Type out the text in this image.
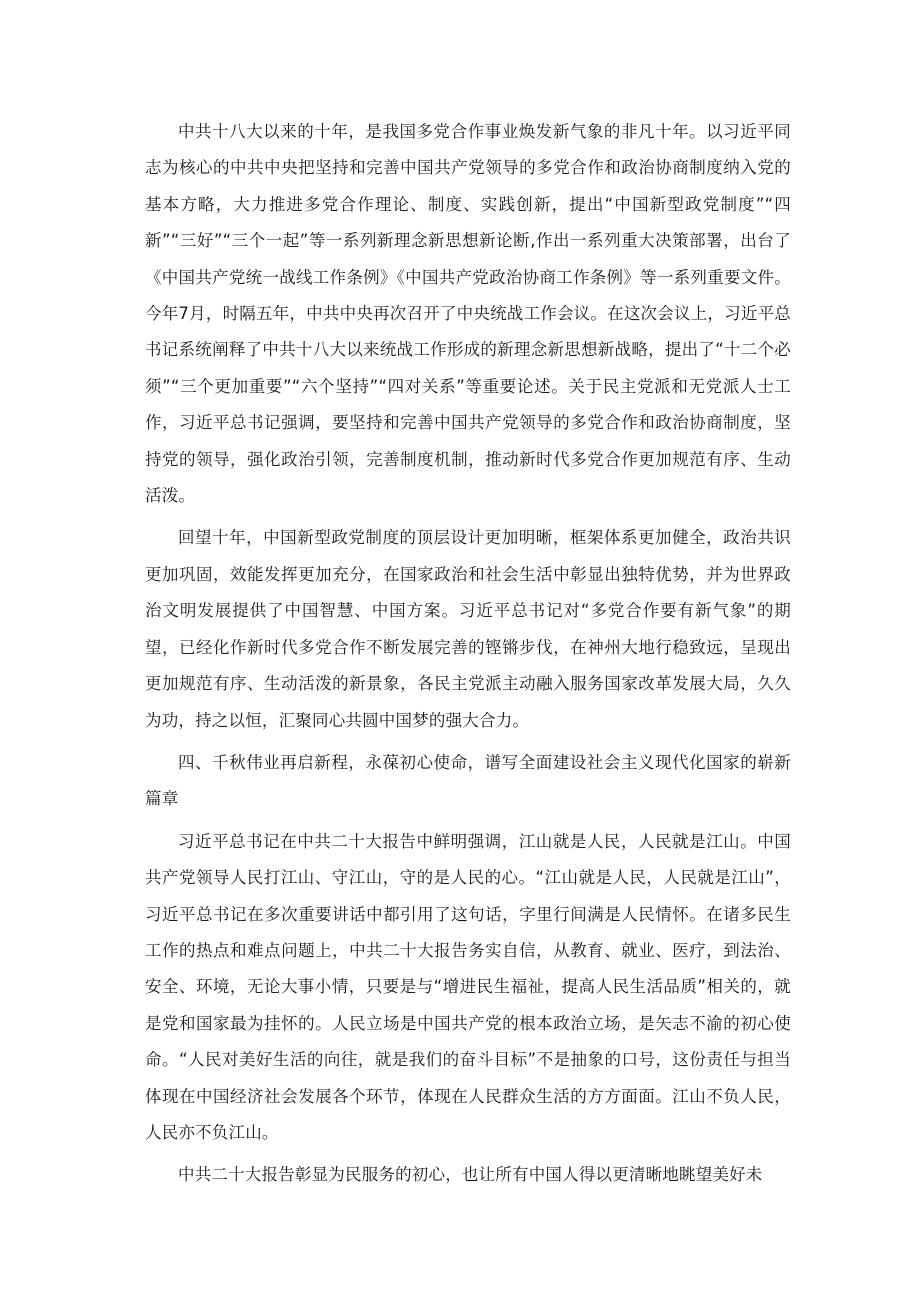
中共十八大以来的十年，是我国多党合作事业焕发新气象的非凡十年。以习近平同志为核心的中共中央把坚持和完善中国共产党领导的多党合作和政治协商制度纳入党的基本方略，大力推进多党合作理论、制度、实践创新，提出“中国新型政党制度”“四新”“三好”“三个一起”等一系列新理念新思想新论断,作出一系列重大决策部署，出台了《中国共产党统一战线工作条例》《中国共产党政治协商工作条例》等一系列重要文件。今年7月，时隔五年，中共中央再次召开了中央统战工作会议。在这次会议上，习近平总书记系统阐释了中共十八大以来统战工作形成的新理念新思想新战略，提出了“十二个必须”“三个更加重要”“六个坚持”“四对关系”等重要论述。关于民主党派和无党派人士工作，习近平总书记强调，要坚持和完善中国共产党领导的多党合作和政治协商制度，坚持党的领导，强化政治引领，完善制度机制，推动新时代多党合作更加规范有序、生动活泼。

回望十年，中国新型政党制度的顶层设计更加明晰，框架体系更加健全，政治共识更加巩固，效能发挥更加充分，在国家政治和社会生活中彰显出独特优势，并为世界政治文明发展提供了中国智慧、中国方案。习近平总书记对“多党合作要有新气象”的期望，已经化作新时代多党合作不断发展完善的铿锵步伐，在神州大地行稳致远，呈现出更加规范有序、生动活泼的新景象，各民主党派主动融入服务国家改革发展大局，久久为功，持之以恒，汇聚同心共圆中国梦的强大合力。

四、千秋伟业再启新程，永葆初心使命，谱写全面建设社会主义现代化国家的崭新篇章

习近平总书记在中共二十大报告中鲜明强调，江山就是人民，人民就是江山。中国共产党领导人民打江山、守江山，守的是人民的心。“江山就是人民，人民就是江山”，习近平总书记在多次重要讲话中都引用了这句话，字里行间满是人民情怀。在诸多民生工作的热点和难点问题上，中共二十大报告务实自信，从教育、就业、医疗，到法治、安全、环境，无论大事小情，只要是与“增进民生福祉，提高人民生活品质”相关的，就是党和国家最为挂怀的。人民立场是中国共产党的根本政治立场，是矢志不渝的初心使命。“人民对美好生活的向往，就是我们的奋斗目标”不是抽象的口号，这份责任与担当体现在中国经济社会发展各个环节，体现在人民群众生活的方方面面。江山不负人民，人民亦不负江山。

中共二十大报告彰显为民服务的初心，也让所有中国人得以更清晰地眺望美好未
